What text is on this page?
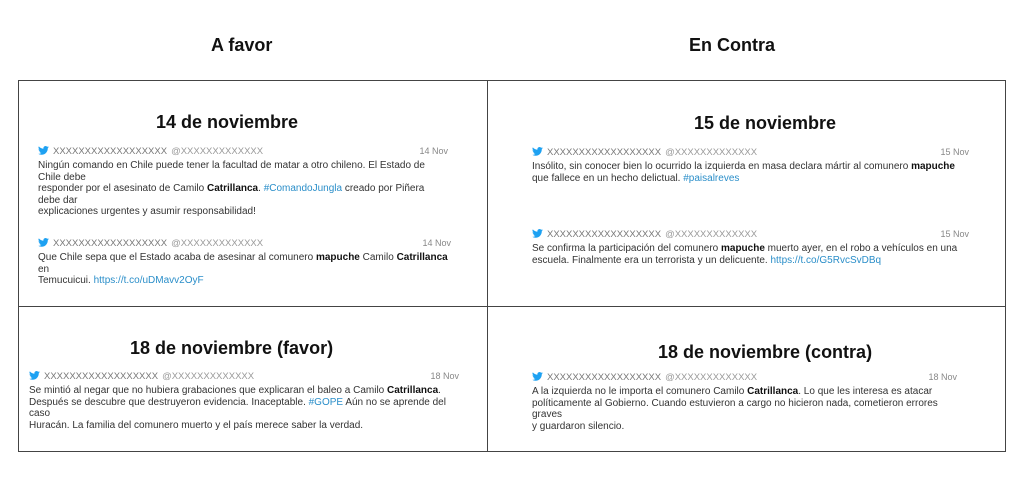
A favor	En Contra
14 de noviembre
XXXXXXXXXXXXXXXXXX @XXXXXXXXXXXXX	14 Nov
Ningún comando en Chile puede tener la facultad de matar a otro chileno. El Estado de Chile debe
responder por el asesinato de Camilo Catrillanca. #ComandoJungla creado por Piñera debe dar
explicaciones urgentes y asumir responsabilidad!
XXXXXXXXXXXXXXXXXX @XXXXXXXXXXXXX	14 Nov
Que Chile sepa que el Estado acaba de asesinar al comunero mapuche Camilo Catrillanca en
Temucuicui. https://t.co/uDMavv2OyF
15 de noviembre
XXXXXXXXXXXXXXXXXX @XXXXXXXXXXXXX	15 Nov
Insólito, sin conocer bien lo ocurrido la izquierda en masa declara mártir al comunero mapuche
que fallece en un hecho delictual. #paisalreves
XXXXXXXXXXXXXXXXXX @XXXXXXXXXXXXX	15 Nov
Se confirma la participación del comunero mapuche muerto ayer, en el robo a vehículos en una
escuela. Finalmente era un terrorista y un delicuente. https://t.co/G5RvcSvDBq
18 de noviembre (favor)
XXXXXXXXXXXXXXXXXX @XXXXXXXXXXXXX	18 Nov
Se mintió al negar que no hubiera grabaciones que explicaran el baleo a Camilo Catrillanca.
Después se descubre que destruyeron evidencia. Inaceptable. #GOPE Aún no se aprende del caso
Huracán. La familia del comunero muerto y el país merece saber la verdad.
18 de noviembre (contra)
XXXXXXXXXXXXXXXXXX @XXXXXXXXXXXXX	18 Nov
A la izquierda no le importa el comunero Camilo Catrillanca. Lo que les interesa es atacar
políticamente al Gobierno. Cuando estuvieron a cargo no hicieron nada, cometieron errores graves
y guardaron silencio.
